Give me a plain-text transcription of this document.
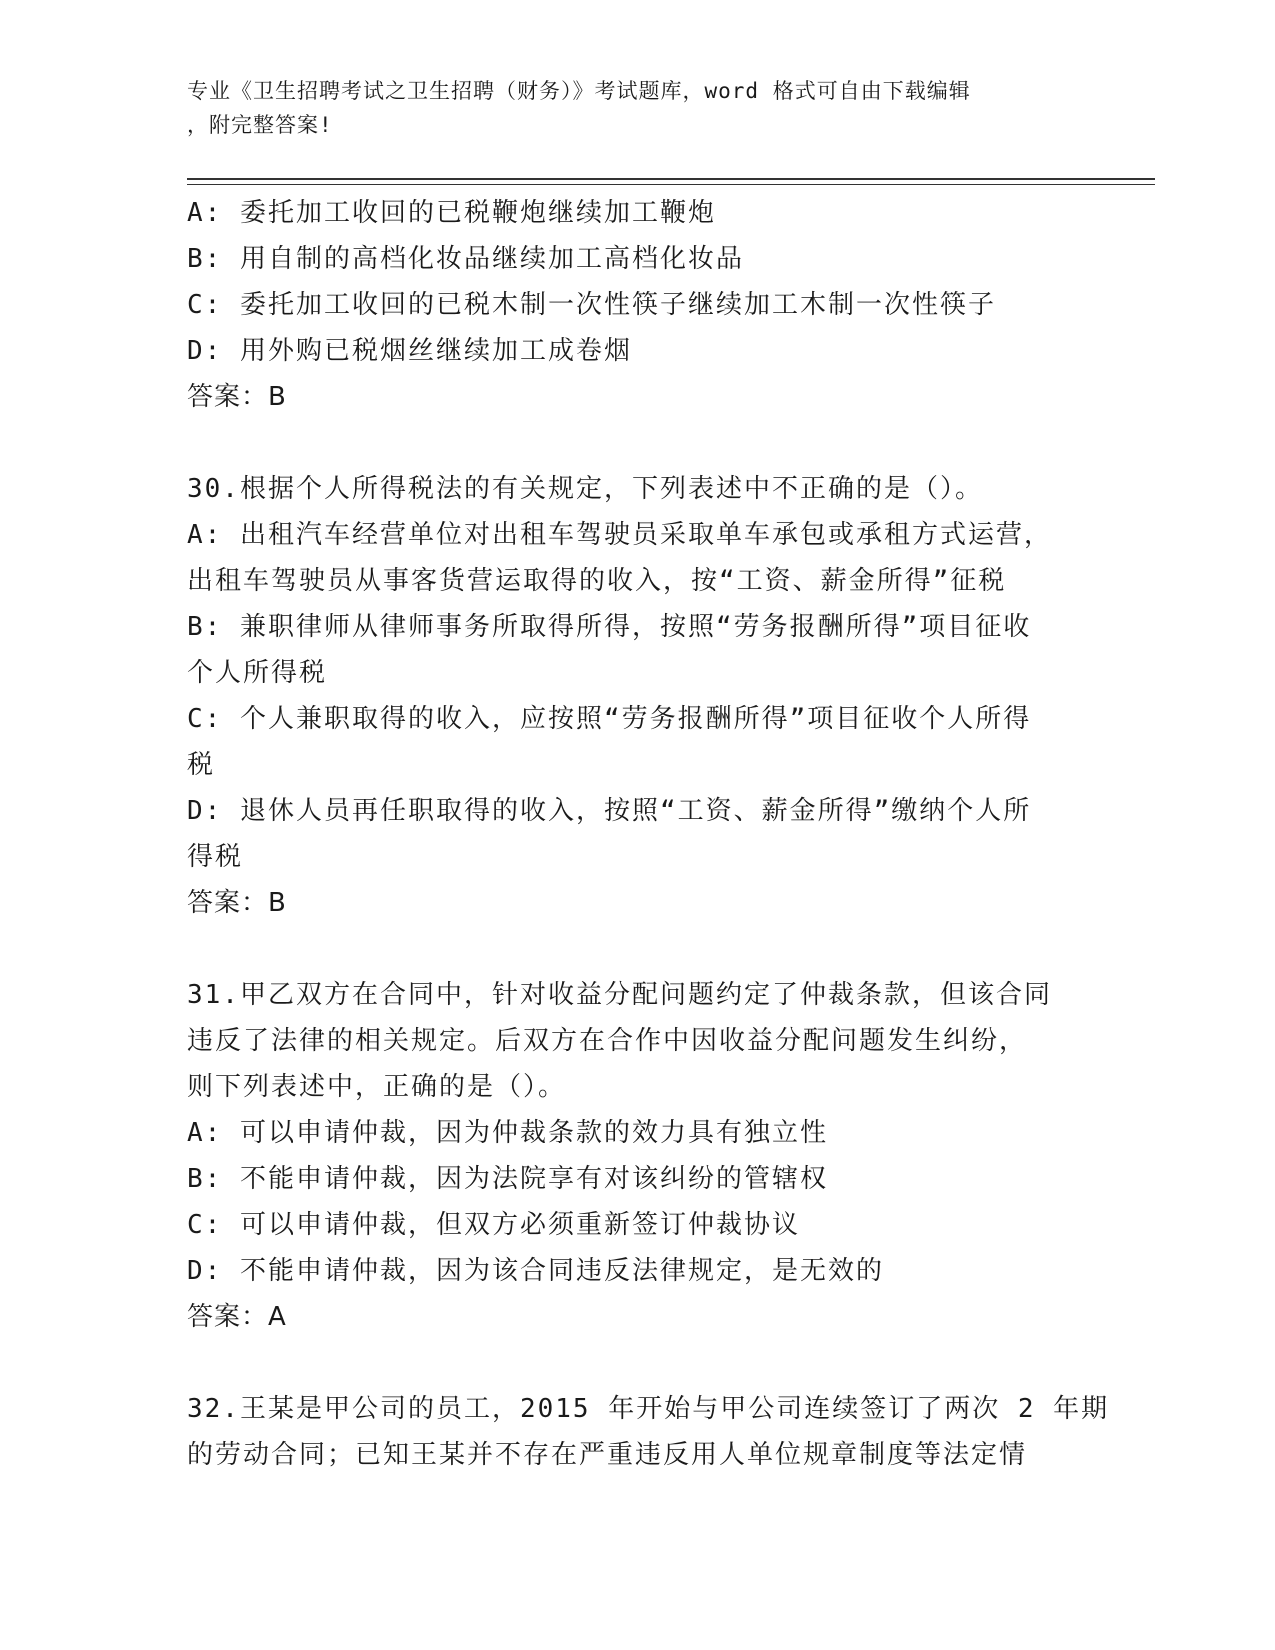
专业《卫生招聘考试之卫生招聘（财务）》考试题库，word 格式可自由下载编辑
，附完整答案!
A: 委托加工收回的已税鞭炮继续加工鞭炮
B: 用自制的高档化妆品继续加工高档化妆品
C: 委托加工收回的已税木制一次性筷子继续加工木制一次性筷子
D: 用外购已税烟丝继续加工成卷烟
答案：B
30.根据个人所得税法的有关规定，下列表述中不正确的是（）。
A: 出租汽车经营单位对出租车驾驶员采取单车承包或承租方式运营，
出租车驾驶员从事客货营运取得的收入，按“工资、薪金所得”征税
B: 兼职律师从律师事务所取得所得，按照“劳务报酬所得”项目征收
个人所得税
C: 个人兼职取得的收入，应按照“劳务报酬所得”项目征收个人所得
税
D: 退休人员再任职取得的收入，按照“工资、薪金所得”缴纳个人所
得税
答案：B
31.甲乙双方在合同中，针对收益分配问题约定了仲裁条款，但该合同
违反了法律的相关规定。后双方在合作中因收益分配问题发生纠纷，
则下列表述中，正确的是（）。
A: 可以申请仲裁，因为仲裁条款的效力具有独立性
B: 不能申请仲裁，因为法院享有对该纠纷的管辖权
C: 可以申请仲裁，但双方必须重新签订仲裁协议
D: 不能申请仲裁，因为该合同违反法律规定，是无效的
答案：A
32.王某是甲公司的员工，2015 年开始与甲公司连续签订了两次 2 年期
的劳动合同；已知王某并不存在严重违反用人单位规章制度等法定情
